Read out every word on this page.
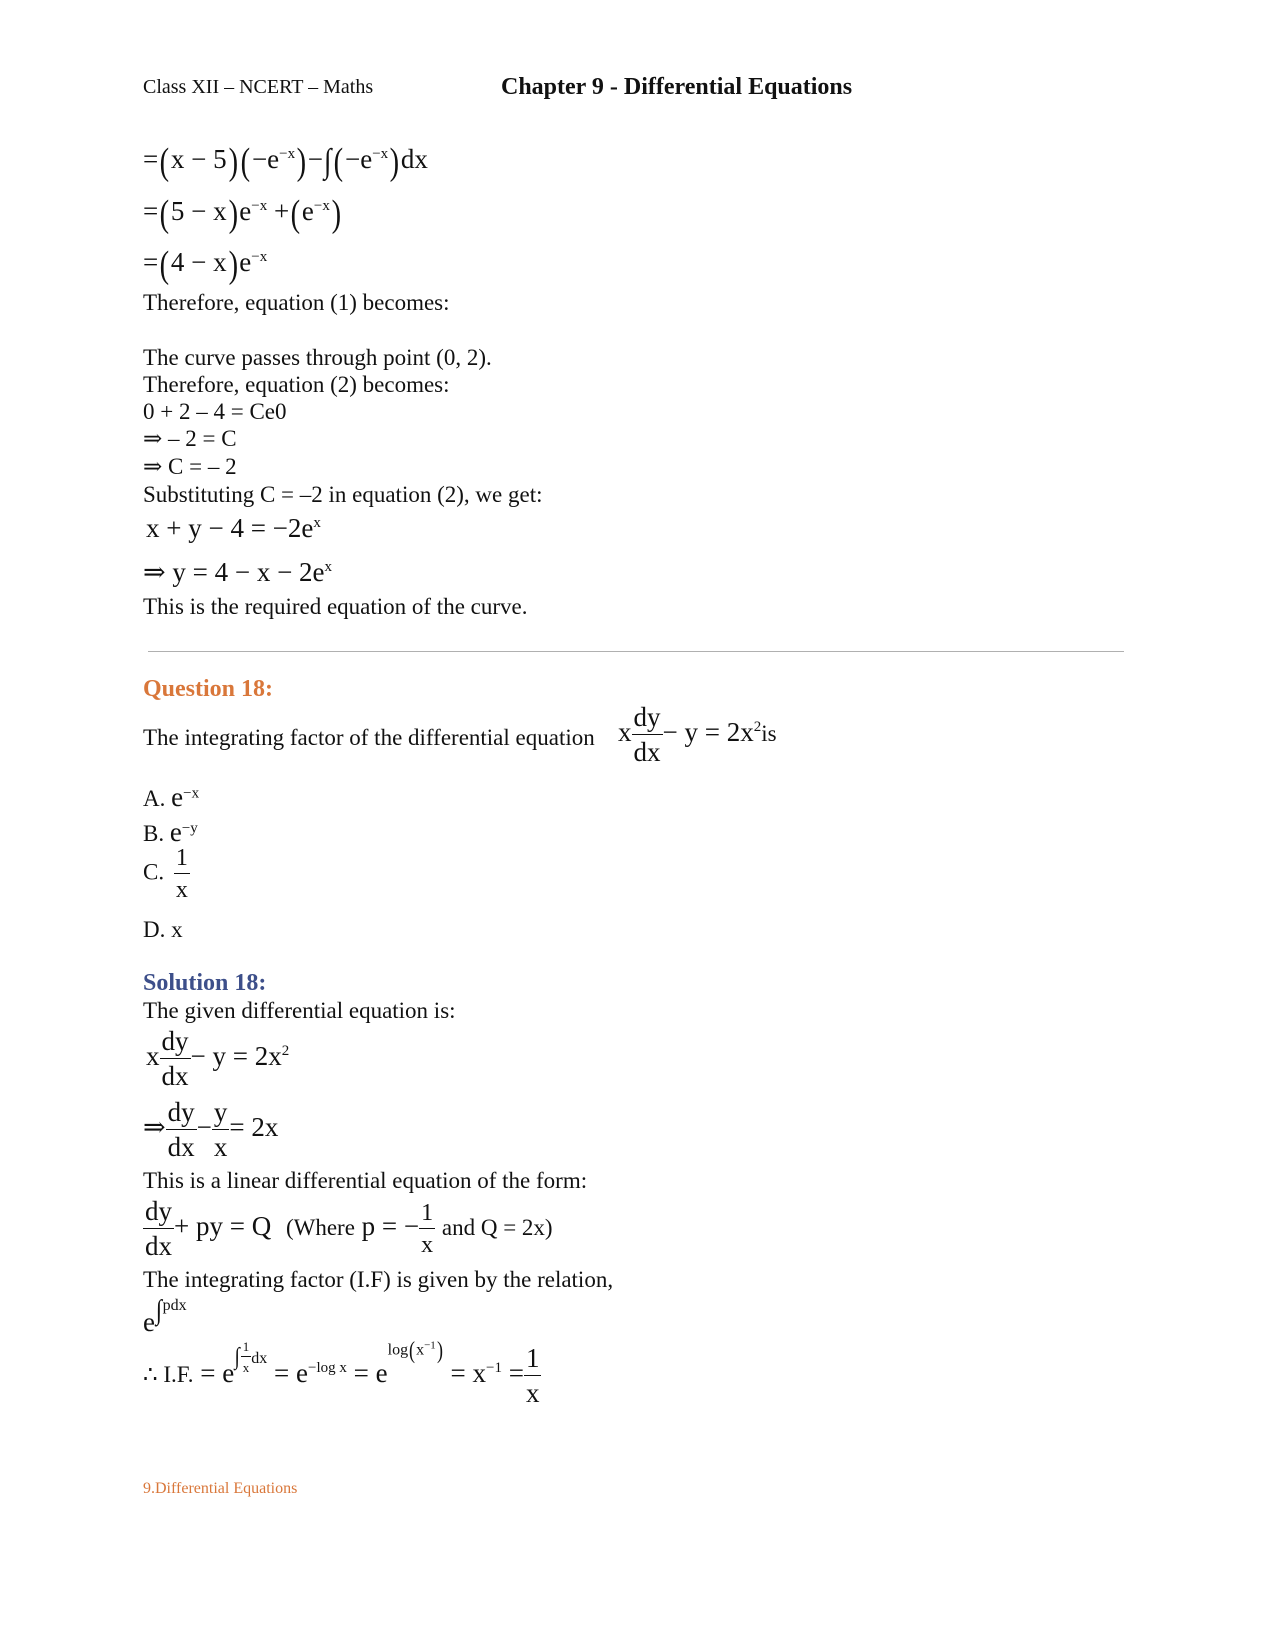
Class XII – NCERT – Maths	Chapter 9 - Differential Equations
$=(x - 5)(-e^{-x})-\int(-e^{-x})dx$
$=(5 - x)e^{-x} +(e^{-x})$
$=(4 - x)e^{-x}$
Therefore, equation (1) becomes:
The curve passes through point (0, 2).
Therefore, equation (2) becomes:
0 + 2 – 4 = Ce0
⇒ – 2 = C
⇒ C = – 2
Substituting C = –2 in equation (2), we get:
$x + y - 4 = -2e^x$
⇒ $y = 4 - x - 2e^x$
This is the required equation of the curve.
Question 18:
The integrating factor of the differential equation x $\frac{dy}{dx} - y = 2x^2is$
A. $e^{-x}$
B. $e^{-y}$
C. $\frac{1}{x}$
D. x
Solution 18:
The given differential equation is:
x $\frac{dy}{dx} - y = 2x^2$
⇒ $\frac{dy}{dx} - \frac{y}{x} = 2x$
This is a linear differential equation of the form:
$\frac{dy}{dx}$ + py = Q (Where p = − $\frac{1}{x}$ and Q = 2x)
The integrating factor (I.F) is given by the relation,
e∫$^{pdx}$
∴ I.F. = $e\int \frac{1}{x}$ dx = $e^{-log x} = elog(x^{-1}) = x^{-1} = \frac{1}{x}$
9.Differential Equations
